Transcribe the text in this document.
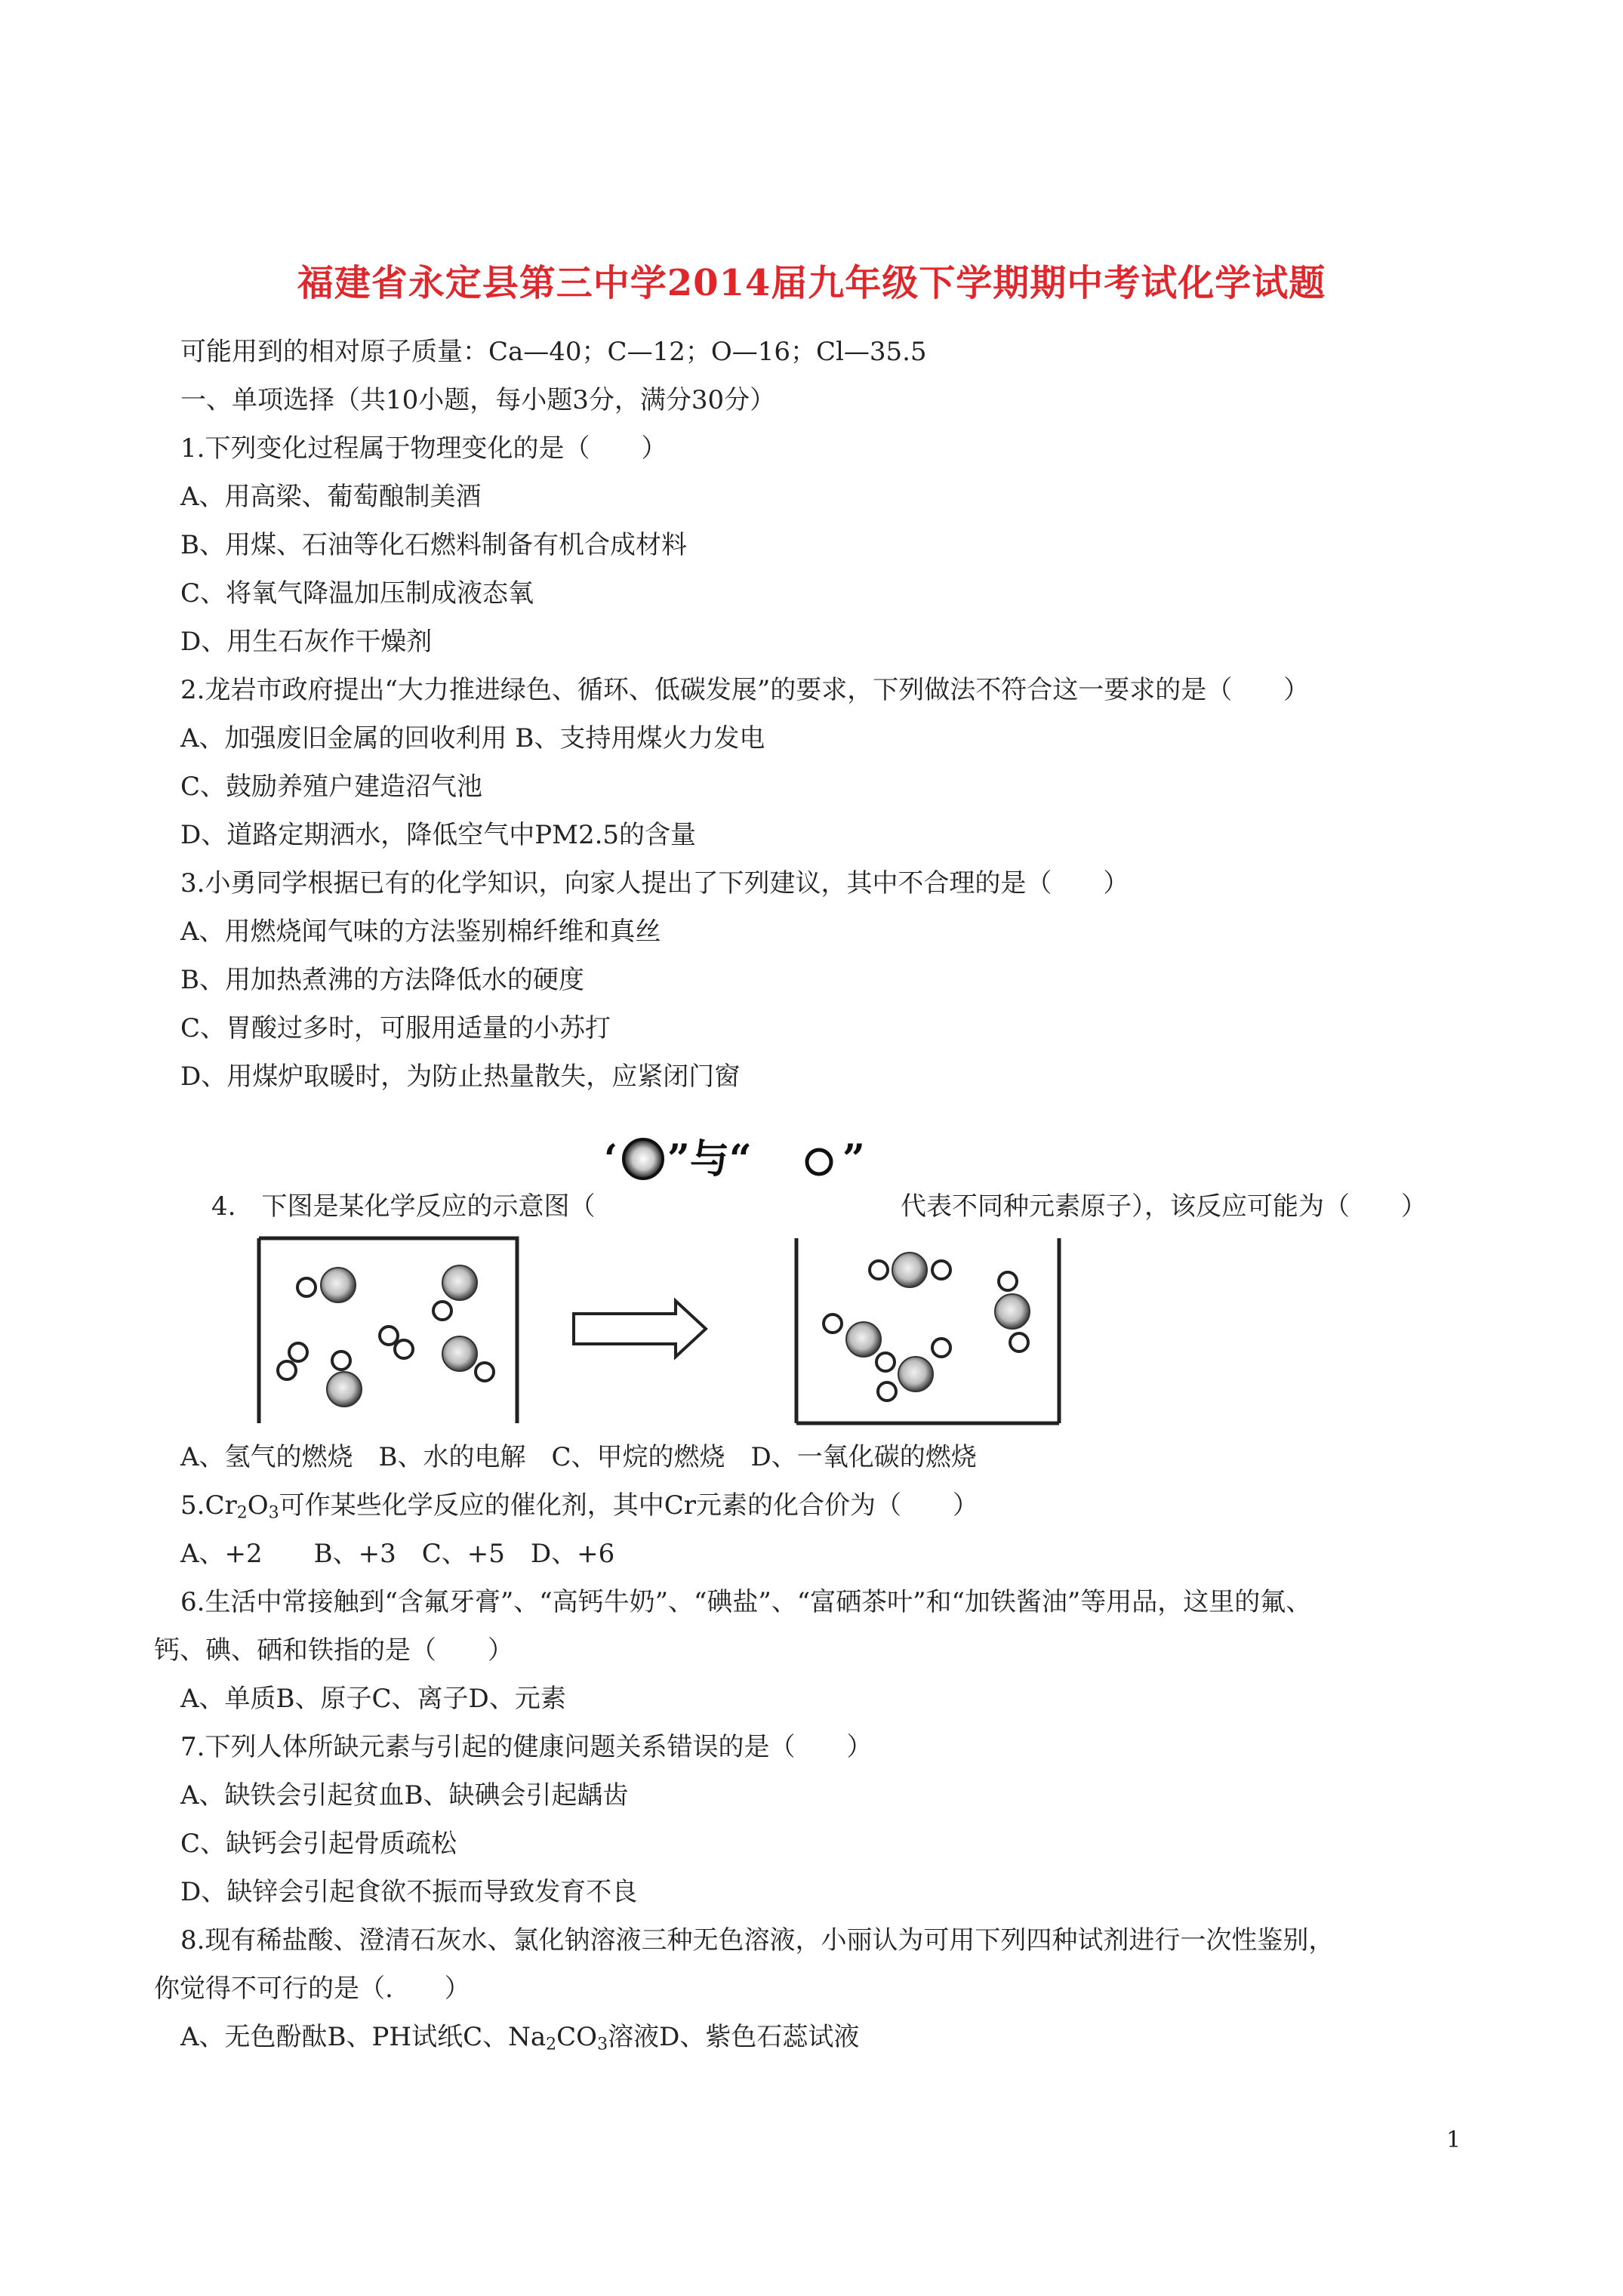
福建省永定县第三中学2014届九年级下学期期中考试化学试题
可能用到的相对原子质量：Ca—40；C—12；O—16；Cl—35.5
一、单项选择（共10小题，每小题3分，满分30分）
1.下列变化过程属于物理变化的是（　　）
A、用高梁、葡萄酿制美酒
B、用煤、石油等化石燃料制备有机合成材料
C、将氧气降温加压制成液态氧
D、用生石灰作干燥剂
2.龙岩市政府提出“大力推进绿色、循环、低碳发展”的要求，下列做法不符合这一要求的是（　　）
A、加强废旧金属的回收利用 B、支持用煤火力发电
C、鼓励养殖户建造沼气池
D、道路定期洒水，降低空气中PM2.5的含量
3.小勇同学根据已有的化学知识，向家人提出了下列建议，其中不合理的是（　　）
A、用燃烧闻气味的方法鉴别棉纤维和真丝
B、用加热煮沸的方法降低水的硬度
C、胃酸过多时，可服用适量的小苏打
D、用煤炉取暖时，为防止热量散失，应紧闭门窗
‘ ”与“ ”
4.　下图是某化学反应的示意图（	代表不同种元素原子），该反应可能为（　　）
A、氢气的燃烧　B、水的电解　C、甲烷的燃烧　D、一氧化碳的燃烧
$5.Cr_2O_3$可作某些化学反应的催化剂，其中Cr元素的化合价为（　　）
A、+2　　B、+3　C、+5　D、+6
6.生活中常接触到“含氟牙膏”、“高钙牛奶”、“碘盐”、“富硒茶叶”和“加铁酱油”等用品，这里的氟、
钙、碘、硒和铁指的是（　　）
A、单质B、原子C、离子D、元素
7.下列人体所缺元素与引起的健康问题关系错误的是（　　）
A、缺铁会引起贫血B、缺碘会引起龋齿
C、缺钙会引起骨质疏松
D、缺锌会引起食欲不振而导致发育不良
8.现有稀盐酸、澄清石灰水、氯化钠溶液三种无色溶液，小丽认为可用下列四种试剂进行一次性鉴别，
你觉得不可行的是（.　　）
A、无色酚酞B、PH试纸C、$Na_2CO_3$溶液D、紫色石蕊试液
1
